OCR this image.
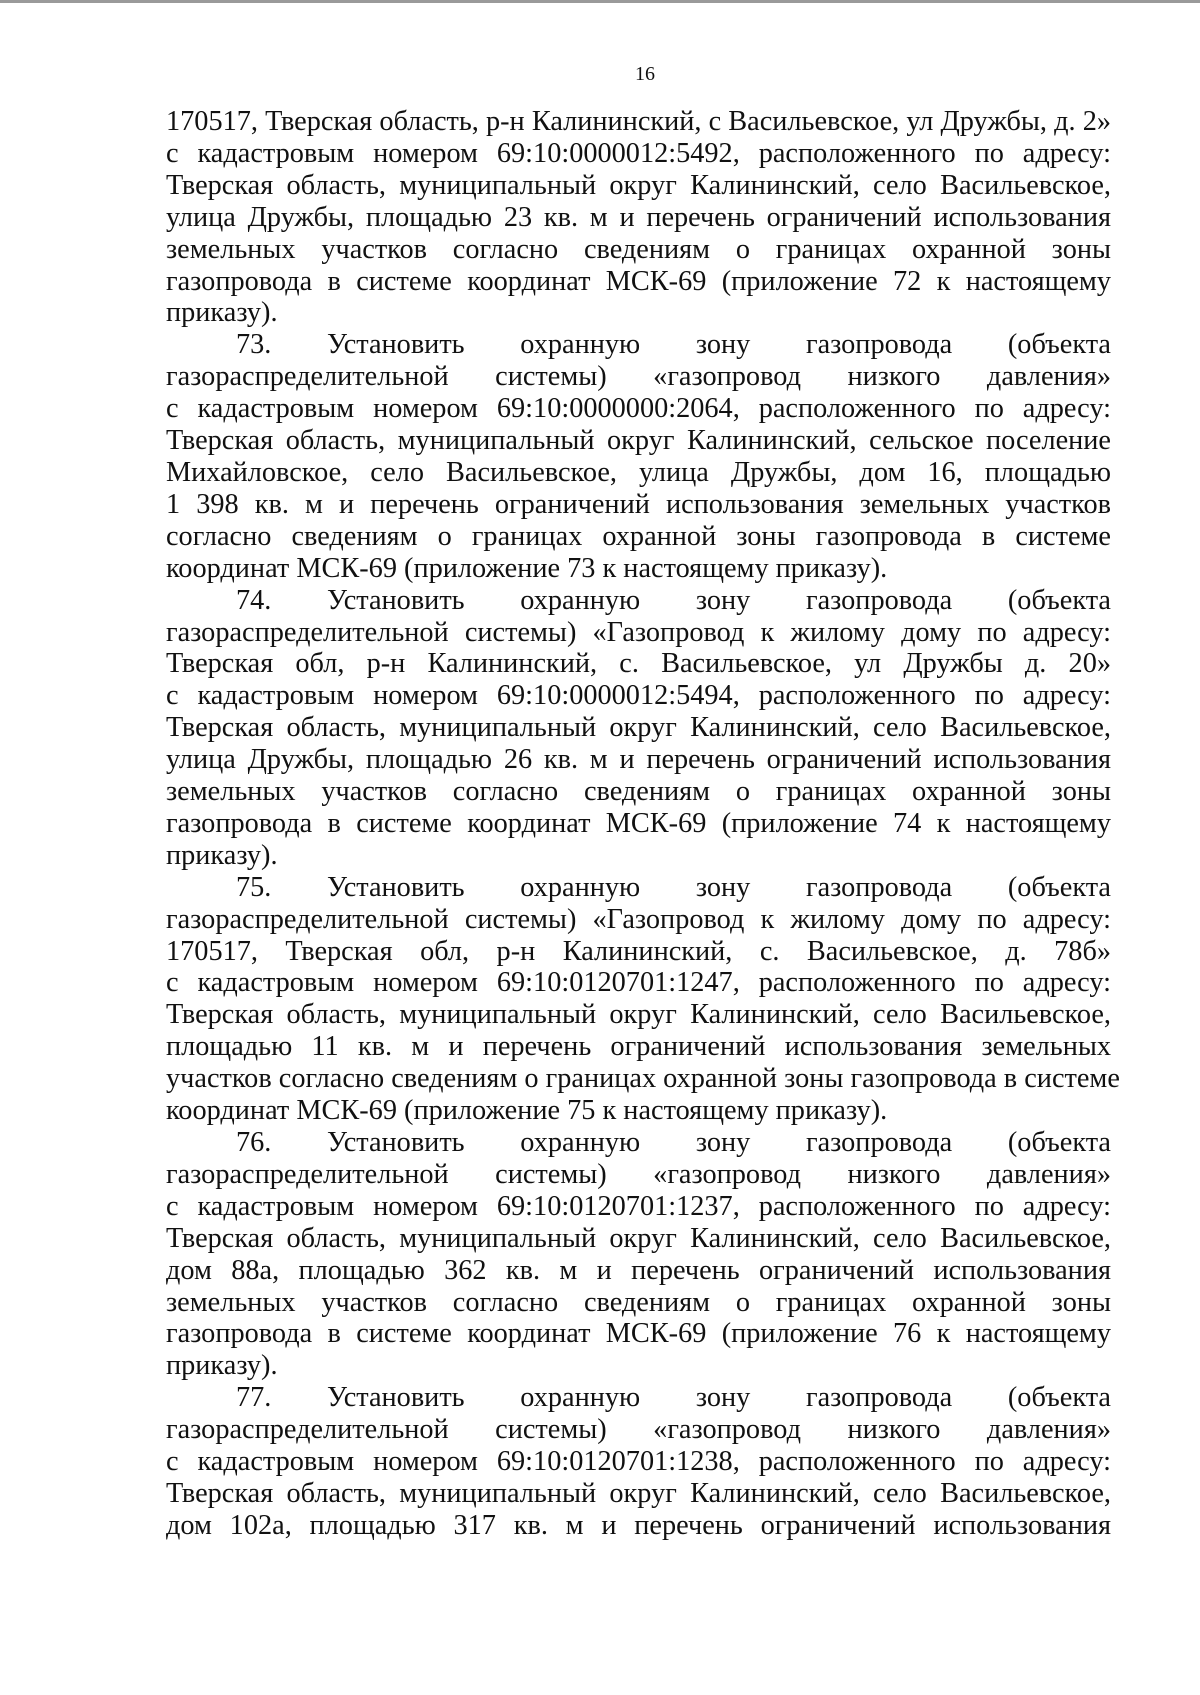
16
170517, Тверская область, р-н Калининский, с Васильевское, ул Дружбы, д. 2»
с кадастровым номером 69:10:0000012:5492, расположенного по адресу:
Тверская область, муниципальный округ Калининский, село Васильевское,
улица Дружбы, площадью 23 кв. м и перечень ограничений использования
земельных участков согласно сведениям о границах охранной зоны
газопровода в системе координат МСК-69 (приложение 72 к настоящему
приказу).
73. Установить охранную зону газопровода (объекта
газораспределительной системы) «газопровод низкого давления»
с кадастровым номером 69:10:0000000:2064, расположенного по адресу:
Тверская область, муниципальный округ Калининский, сельское поселение
Михайловское, село Васильевское, улица Дружбы, дом 16, площадью
1 398 кв. м и перечень ограничений использования земельных участков
согласно сведениям о границах охранной зоны газопровода в системе
координат МСК-69 (приложение 73 к настоящему приказу).
74. Установить охранную зону газопровода (объекта
газораспределительной системы) «Газопровод к жилому дому по адресу:
Тверская обл, р-н Калининский, с. Васильевское, ул Дружбы д. 20»
с кадастровым номером 69:10:0000012:5494, расположенного по адресу:
Тверская область, муниципальный округ Калининский, село Васильевское,
улица Дружбы, площадью 26 кв. м и перечень ограничений использования
земельных участков согласно сведениям о границах охранной зоны
газопровода в системе координат МСК-69 (приложение 74 к настоящему
приказу).
75. Установить охранную зону газопровода (объекта
газораспределительной системы) «Газопровод к жилому дому по адресу:
170517, Тверская обл, р-н Калининский, с. Васильевское, д. 78б»
с кадастровым номером 69:10:0120701:1247, расположенного по адресу:
Тверская область, муниципальный округ Калининский, село Васильевское,
площадью 11 кв. м и перечень ограничений использования земельных
участков согласно сведениям о границах охранной зоны газопровода в системе
координат МСК-69 (приложение 75 к настоящему приказу).
76. Установить охранную зону газопровода (объекта
газораспределительной системы) «газопровод низкого давления»
с кадастровым номером 69:10:0120701:1237, расположенного по адресу:
Тверская область, муниципальный округ Калининский, село Васильевское,
дом 88а, площадью 362 кв. м и перечень ограничений использования
земельных участков согласно сведениям о границах охранной зоны
газопровода в системе координат МСК-69 (приложение 76 к настоящему
приказу).
77. Установить охранную зону газопровода (объекта
газораспределительной системы) «газопровод низкого давления»
с кадастровым номером 69:10:0120701:1238, расположенного по адресу:
Тверская область, муниципальный округ Калининский, село Васильевское,
дом 102а, площадью 317 кв. м и перечень ограничений использования
